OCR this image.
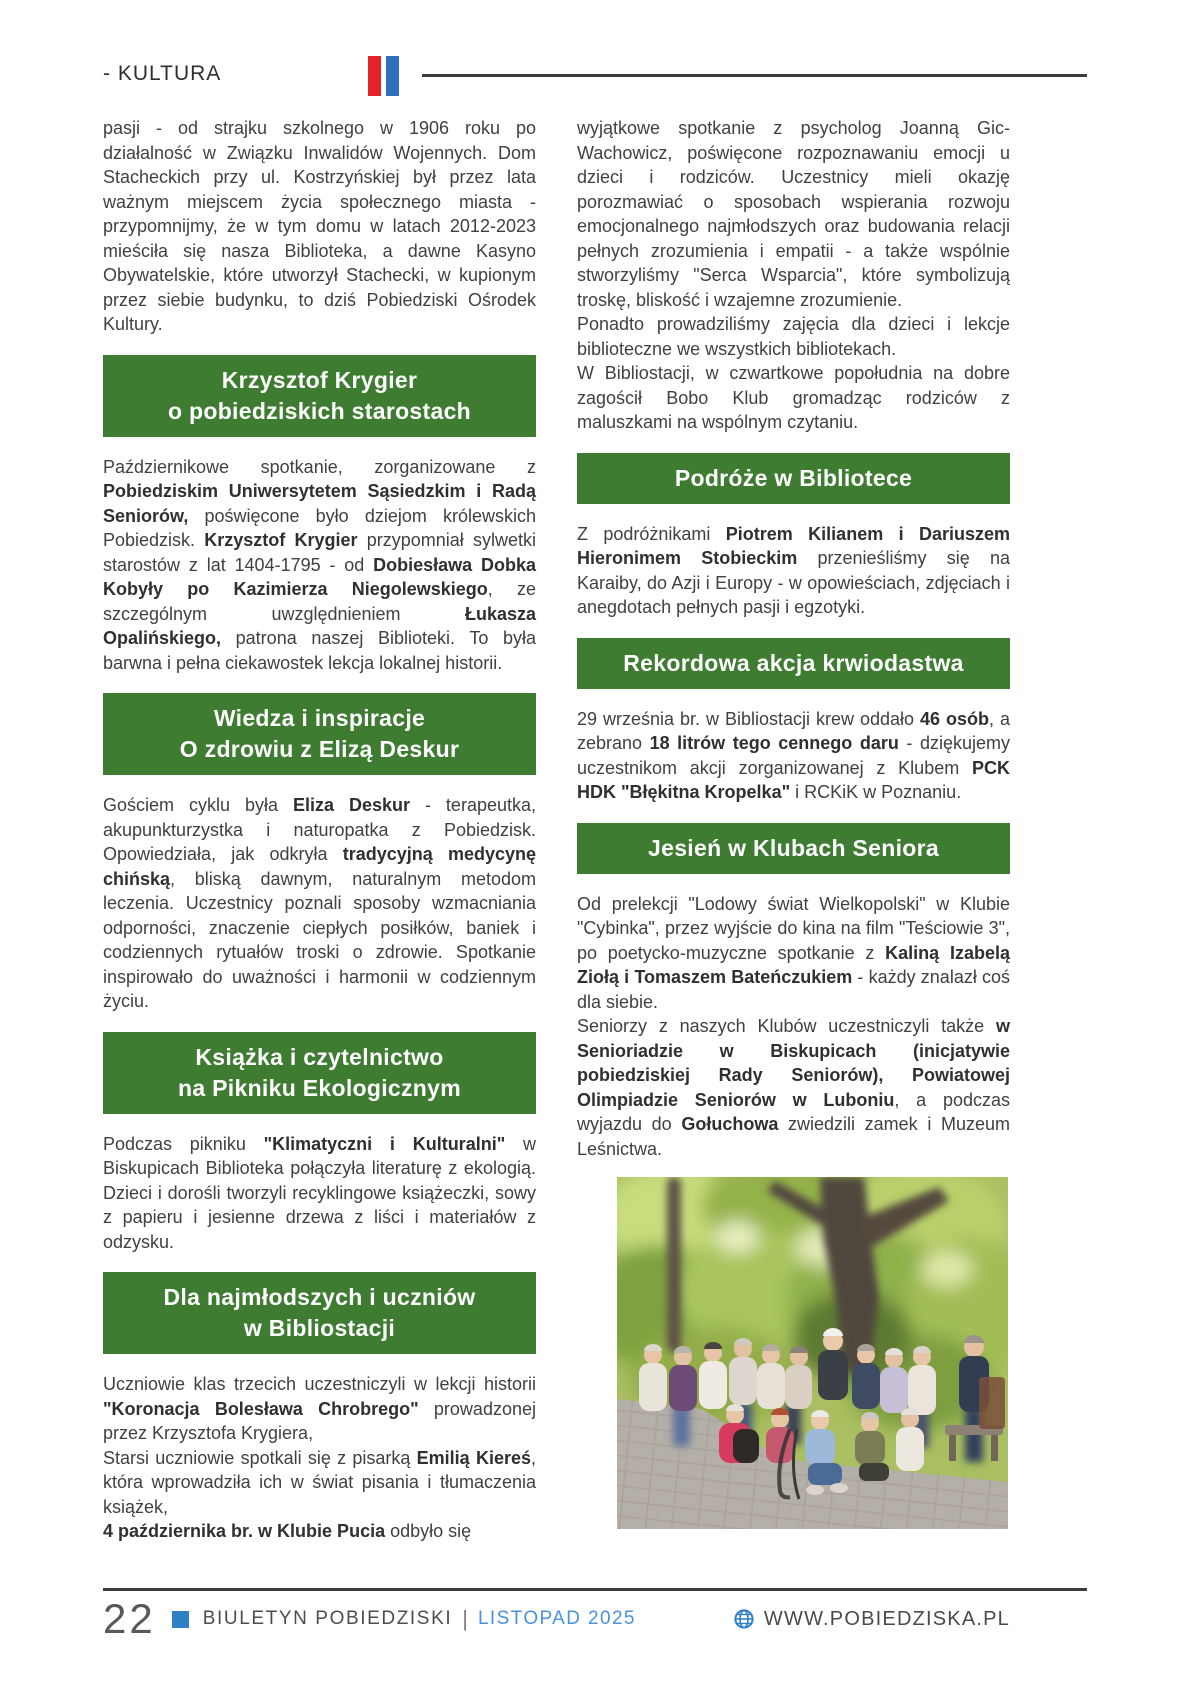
- KULTURA

pasji - od strajku szkolnego w 1906 roku po działalność w Związku Inwalidów Wojennych. Dom Stacheckich przy ul. Kostrzyńskiej był przez lata ważnym miejscem życia społecznego miasta - przypomnijmy, że w tym domu w latach 2012-2023 mieściła się nasza Biblioteka, a dawne Kasyno Obywatelskie, które utworzył Stachecki, w kupionym przez siebie budynku, to dziś Pobiedziski Ośrodek Kultury.

Krzysztof Krygier
o pobiedziskich starostach

Październikowe spotkanie, zorganizowane z Pobiedziskim Uniwersytetem Sąsiedzkim i Radą Seniorów, poświęcone było dziejom królewskich Pobiedzisk. Krzysztof Krygier przypomniał sylwetki starostów z lat 1404-1795 - od Dobiesława Dobka Kobyły po Kazimierza Niegolewskiego, ze szczególnym uwzględnieniem Łukasza Opalińskiego, patrona naszej Biblioteki. To była barwna i pełna ciekawostek lekcja lokalnej historii.

Wiedza i inspiracje
O zdrowiu z Elizą Deskur

Gościem cyklu była Eliza Deskur - terapeutka, akupunkturzystka i naturopatka z Pobiedzisk. Opowiedziała, jak odkryła tradycyjną medycynę chińską, bliską dawnym, naturalnym metodom leczenia. Uczestnicy poznali sposoby wzmacniania odporności, znaczenie ciepłych posiłków, baniek i codziennych rytuałów troski o zdrowie. Spotkanie inspirowało do uważności i harmonii w codziennym życiu.

Książka i czytelnictwo
na Pikniku Ekologicznym

Podczas pikniku "Klimatyczni i Kulturalni" w Biskupicach Biblioteka połączyła literaturę z ekologią. Dzieci i dorośli tworzyli recyklingowe książeczki, sowy z papieru i jesienne drzewa z liści i materiałów z odzysku.

Dla najmłodszych i uczniów
w Bibliostacji

Uczniowie klas trzecich uczestniczyli w lekcji historii "Koronacja Bolesława Chrobrego" prowadzonej przez Krzysztofa Krygiera,
Starsi uczniowie spotkali się z pisarką Emilią Kiereś, która wprowadziła ich w świat pisania i tłumaczenia książek,
4 października br. w Klubie Pucia odbyło się

wyjątkowe spotkanie z psycholog Joanną Gic-Wachowicz, poświęcone rozpoznawaniu emocji u dzieci i rodziców. Uczestnicy mieli okazję porozmawiać o sposobach wspierania rozwoju emocjonalnego najmłodszych oraz budowania relacji pełnych zrozumienia i empatii - a także wspólnie stworzyliśmy "Serca Wsparcia", które symbolizują troskę, bliskość i wzajemne zrozumienie.
Ponadto prowadziliśmy zajęcia dla dzieci i lekcje biblioteczne we wszystkich bibliotekach.
W Bibliostacji, w czwartkowe popołudnia na dobre zagościł Bobo Klub gromadząc rodziców z maluszkami na wspólnym czytaniu.

Podróże w Bibliotece

Z podróżnikami Piotrem Kilianem i Dariuszem Hieronimem Stobieckim przenieśliśmy się na Karaiby, do Azji i Europy - w opowieściach, zdjęciach i anegdotach pełnych pasji i egzotyki.

Rekordowa akcja krwiodastwa

29 września br. w Bibliostacji krew oddało 46 osób, a zebrano 18 litrów tego cennego daru - dziękujemy uczestnikom akcji zorganizowanej z Klubem PCK HDK "Błękitna Kropelka" i RCKiK w Poznaniu.

Jesień w Klubach Seniora

Od prelekcji "Lodowy świat Wielkopolski" w Klubie "Cybinka", przez wyjście do kina na film "Teściowie 3", po poetycko-muzyczne spotkanie z Kaliną Izabelą Ziołą i Tomaszem Bateńczukiem - każdy znalazł coś dla siebie.
Seniorzy z naszych Klubów uczestniczyli także w Senioriadzie w Biskupicach (inicjatywie pobiedziskiej Rady Seniorów), Powiatowej Olimpiadzie Seniorów w Luboniu, a podczas wyjazdu do Gołuchowa zwiedzili zamek i Muzeum Leśnictwa.

22 BIULETYN POBIEDZISKI | LISTOPAD 2025	WWW.POBIEDZISKA.PL
